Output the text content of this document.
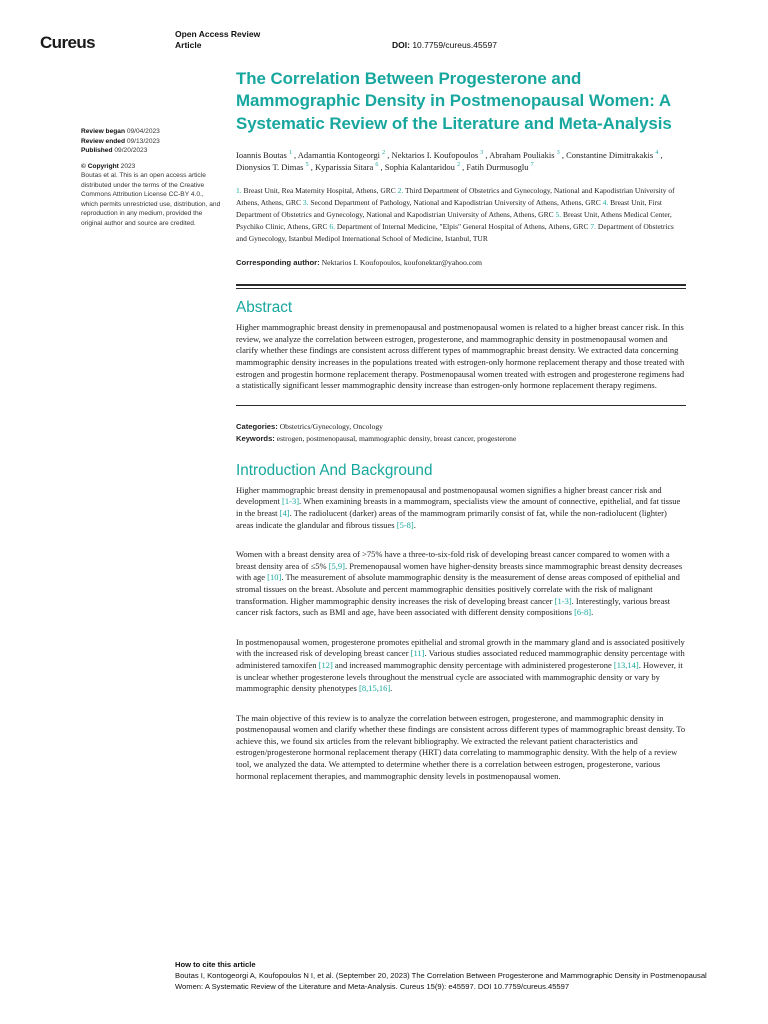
Cureus	Open Access Review
Article	DOI: 10.7759/cureus.45597
Review began 09/04/2023
Review ended 09/13/2023
Published 09/20/2023
© Copyright 2023
Boutas et al. This is an open access article distributed under the terms of the Creative Commons Attribution License CC-BY 4.0., which permits unrestricted use, distribution, and reproduction in any medium, provided the original author and source are credited.
The Correlation Between Progesterone and Mammographic Density in Postmenopausal Women: A Systematic Review of the Literature and Meta-Analysis
Ioannis Boutas $^1$ , Adamantia Kontogeorgi $^2$ , Nektarios I. Koufopoulos $^3$ , Abraham Pouliakis $^3$ , Constantine Dimitrakakis $^4$ , Dionysios T. Dimas $^5$ , Kyparissia Sitara $^6$ , Sophia Kalantaridou $^2$ , Fatih Durmusoglu $^7$
1. Breast Unit, Rea Maternity Hospital, Athens, GRC 2. Third Department of Obstetrics and Gynecology, National and Kapodistrian University of Athens, Athens, GRC 3. Second Department of Pathology, National and Kapodistrian University of Athens, Athens, GRC 4. Breast Unit, First Department of Obstetrics and Gynecology, National and Kapodistrian University of Athens, Athens, GRC 5. Breast Unit, Athens Medical Center, Psychiko Clinic, Athens, GRC 6. Department of Internal Medicine, "Elpis" General Hospital of Athens, Athens, GRC 7. Department of Obstetrics and Gynecology, Istanbul Medipol International School of Medicine, Istanbul, TUR
Corresponding author: Nektarios I. Koufopoulos, koufonektar@yahoo.com
Abstract

Higher mammographic breast density in premenopausal and postmenopausal women is related to a higher breast cancer risk. In this review, we analyze the correlation between estrogen, progesterone, and mammographic density in postmenopausal women and clarify whether these findings are consistent across different types of mammographic breast density. We extracted data concerning mammographic density increases in the populations treated with estrogen-only hormone replacement therapy and those treated with estrogen and progestin hormone replacement therapy. Postmenopausal women treated with estrogen and progesterone regimens had a statistically significant lesser mammographic density increase than estrogen-only hormone replacement therapy regimens.

Categories: Obstetrics/Gynecology, Oncology
Keywords: estrogen, postmenopausal, mammographic density, breast cancer, progesterone
Introduction And Background

Higher mammographic breast density in premenopausal and postmenopausal women signifies a higher breast cancer risk and development [1-3]. When examining breasts in a mammogram, specialists view the amount of connective, epithelial, and fat tissue in the breast [4]. The radiolucent (darker) areas of the mammogram primarily consist of fat, while the non-radiolucent (lighter) areas indicate the glandular and fibrous tissues [5-8].

Women with a breast density area of >75% have a three-to-six-fold risk of developing breast cancer compared to women with a breast density area of ≤5% [5,9]. Premenopausal women have higher-density breasts since mammographic breast density decreases with age [10]. The measurement of absolute mammographic density is the measurement of dense areas composed of epithelial and stromal tissues on the breast. Absolute and percent mammographic densities positively correlate with the risk of malignant transformation. Higher mammographic density increases the risk of developing breast cancer [1-3]. Interestingly, various breast cancer risk factors, such as BMI and age, have been associated with different density compositions [6-8].

In postmenopausal women, progesterone promotes epithelial and stromal growth in the mammary gland and is associated positively with the increased risk of developing breast cancer [11]. Various studies associated reduced mammographic density percentage with administered tamoxifen [12] and increased mammographic density percentage with administered progesterone [13,14]. However, it is unclear whether progesterone levels throughout the menstrual cycle are associated with mammographic density or vary by mammographic density phenotypes [8,15,16].

The main objective of this review is to analyze the correlation between estrogen, progesterone, and mammographic density in postmenopausal women and clarify whether these findings are consistent across different types of mammographic breast density. To achieve this, we found six articles from the relevant bibliography. We extracted the relevant patient characteristics and estrogen/progesterone hormonal replacement therapy (HRT) data correlating to mammographic density. With the help of a review tool, we analyzed the data. We attempted to determine whether there is a correlation between estrogen, progesterone, various hormonal replacement therapies, and mammographic density levels in postmenopausal women.

How to cite this article
Boutas I, Kontogeorgi A, Koufopoulos N I, et al. (September 20, 2023) The Correlation Between Progesterone and Mammographic Density in Postmenopausal Women: A Systematic Review of the Literature and Meta-Analysis. Cureus 15(9): e45597. DOI 10.7759/cureus.45597
